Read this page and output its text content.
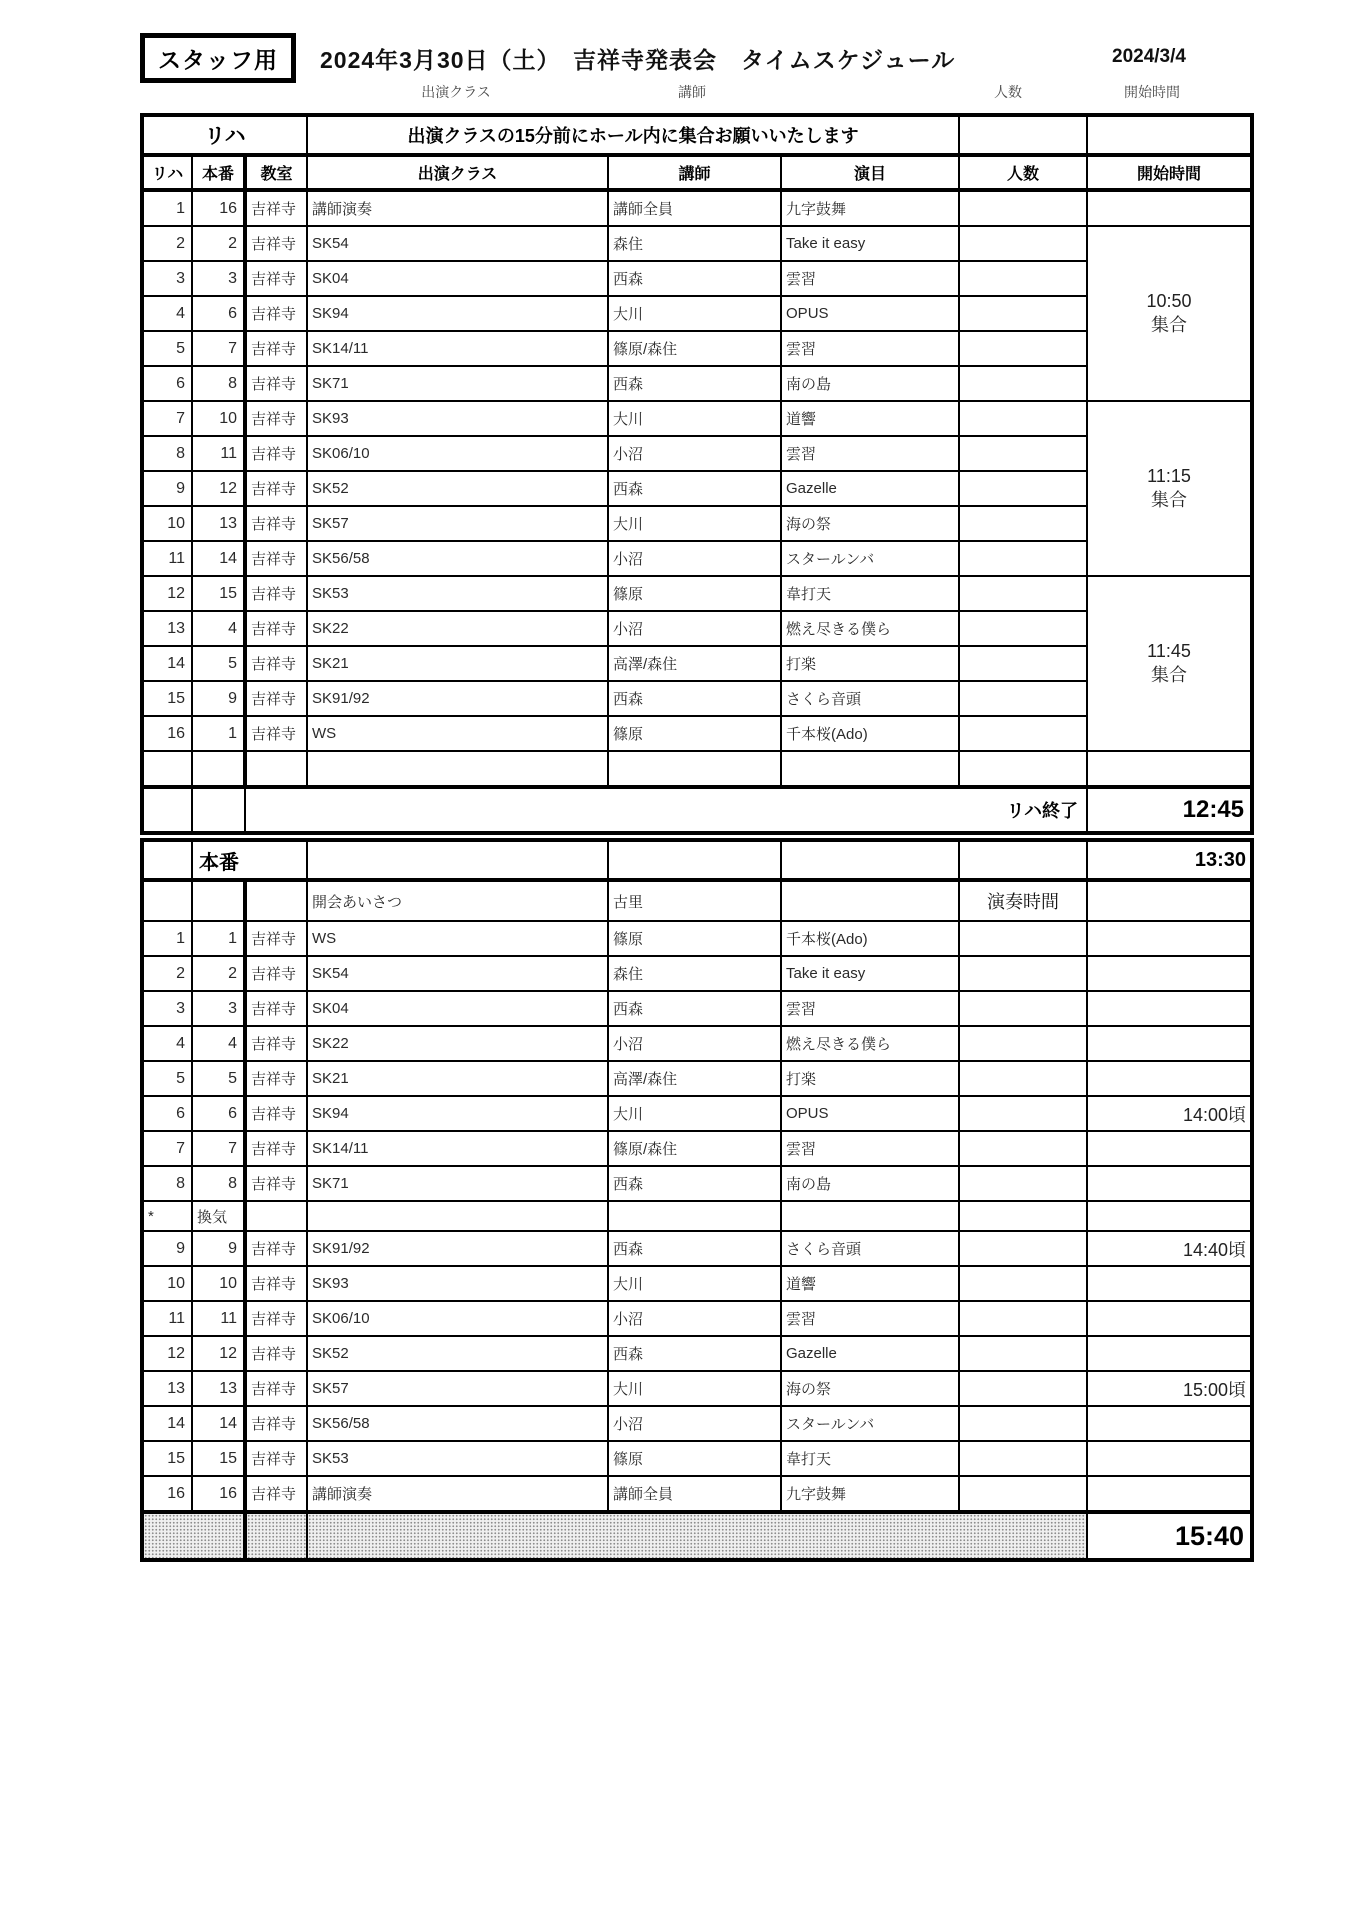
スタッフ用	2024年3月30日（土）　吉祥寺発表会　タイムスケジュール	2024/3/4
出演クラス	講師	人数	開始時間
リハ			出演クラスの15分前にホール内に集合お願いいたします				
リハ	本番	教室	出演クラス	講師	演目	人数	開始時間
1	16	吉祥寺	講師演奏	講師全員	九字鼓舞		
2	2	吉祥寺	SK54	森住	Take it easy		10:50
集合

3	3	吉祥寺	SK04	西森	雲習		
4	6	吉祥寺	SK94	大川	OPUS		
5	7	吉祥寺	SK14/11	篠原/森住	雲習		
6	8	吉祥寺	SK71	西森	南の島		
7	10	吉祥寺	SK93	大川	道響		11:15
集合

8	11	吉祥寺	SK06/10	小沼	雲習		
9	12	吉祥寺	SK52	西森	Gazelle		
10	13	吉祥寺	SK57	大川	海の祭		
11	14	吉祥寺	SK56/58	小沼	スタールンバ		
12	15	吉祥寺	SK53	篠原	韋打天		11:45
集合

13	4	吉祥寺	SK22	小沼	燃え尽きる僕ら		
14	5	吉祥寺	SK21	高澤/森住	打楽		
15	9	吉祥寺	SK91/92	西森	さくら音頭		
16	1	吉祥寺	WS	篠原	千本桜(Ado)		

		リハ終了					12:45
	本番						13:30
			開会あいさつ	古里		演奏時間	
1	1	吉祥寺	WS	篠原	千本桜(Ado)		
2	2	吉祥寺	SK54	森住	Take it easy		
3	3	吉祥寺	SK04	西森	雲習		
4	4	吉祥寺	SK22	小沼	燃え尽きる僕ら		
5	5	吉祥寺	SK21	高澤/森住	打楽		
6	6	吉祥寺	SK94	大川	OPUS		14:00頃
7	7	吉祥寺	SK14/11	篠原/森住	雲習		
8	8	吉祥寺	SK71	西森	南の島		
*	換気						
9	9	吉祥寺	SK91/92	西森	さくら音頭		14:40頃
10	10	吉祥寺	SK93	大川	道響		
11	11	吉祥寺	SK06/10	小沼	雲習		
12	12	吉祥寺	SK52	西森	Gazelle		
13	13	吉祥寺	SK57	大川	海の祭		15:00頃
14	14	吉祥寺	SK56/58	小沼	スタールンバ		
15	15	吉祥寺	SK53	篠原	韋打天		
16	16	吉祥寺	講師演奏	講師全員	九字鼓舞		
							15:40
